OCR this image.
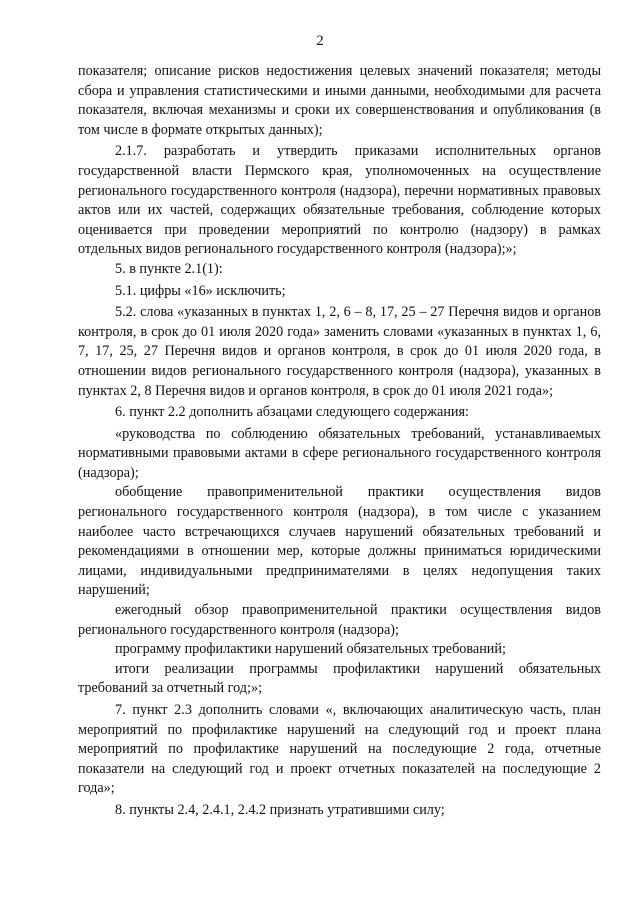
2

показателя; описание рисков недостижения целевых значений показателя; методы сбора и управления статистическими и иными данными, необходимыми для расчета показателя, включая механизмы и сроки их совершенствования и опубликования (в том числе в формате открытых данных);

2.1.7. разработать и утвердить приказами исполнительных органов государственной власти Пермского края, уполномоченных на осуществление регионального государственного контроля (надзора), перечни нормативных правовых актов или их частей, содержащих обязательные требования, соблюдение которых оценивается при проведении мероприятий по контролю (надзору) в рамках отдельных видов регионального государственного контроля (надзора);»;

5. в пункте 2.1(1):

5.1. цифры «16» исключить;

5.2. слова «указанных в пунктах 1, 2, 6 – 8, 17, 25 – 27 Перечня видов и органов контроля, в срок до 01 июля 2020 года» заменить словами «указанных в пунктах 1, 6, 7, 17, 25, 27 Перечня видов и органов контроля, в срок до 01 июля 2020 года, в отношении видов регионального государственного контроля (надзора), указанных в пунктах 2, 8 Перечня видов и органов контроля, в срок до 01 июля 2021 года»;

6. пункт 2.2 дополнить абзацами следующего содержания:

«руководства по соблюдению обязательных требований, устанавливаемых нормативными правовыми актами в сфере регионального государственного контроля (надзора);

обобщение правоприменительной практики осуществления видов регионального государственного контроля (надзора), в том числе с указанием наиболее часто встречающихся случаев нарушений обязательных требований и рекомендациями в отношении мер, которые должны приниматься юридическими лицами, индивидуальными предпринимателями в целях недопущения таких нарушений;

ежегодный обзор правоприменительной практики осуществления видов регионального государственного контроля (надзора);

программу профилактики нарушений обязательных требований;

итоги реализации программы профилактики нарушений обязательных требований за отчетный год;»;

7. пункт 2.3 дополнить словами «, включающих аналитическую часть, план мероприятий по профилактике нарушений на следующий год и проект плана мероприятий по профилактике нарушений на последующие 2 года, отчетные показатели на следующий год и проект отчетных показателей на последующие 2 года»;

8. пункты 2.4, 2.4.1, 2.4.2 признать утратившими силу;
